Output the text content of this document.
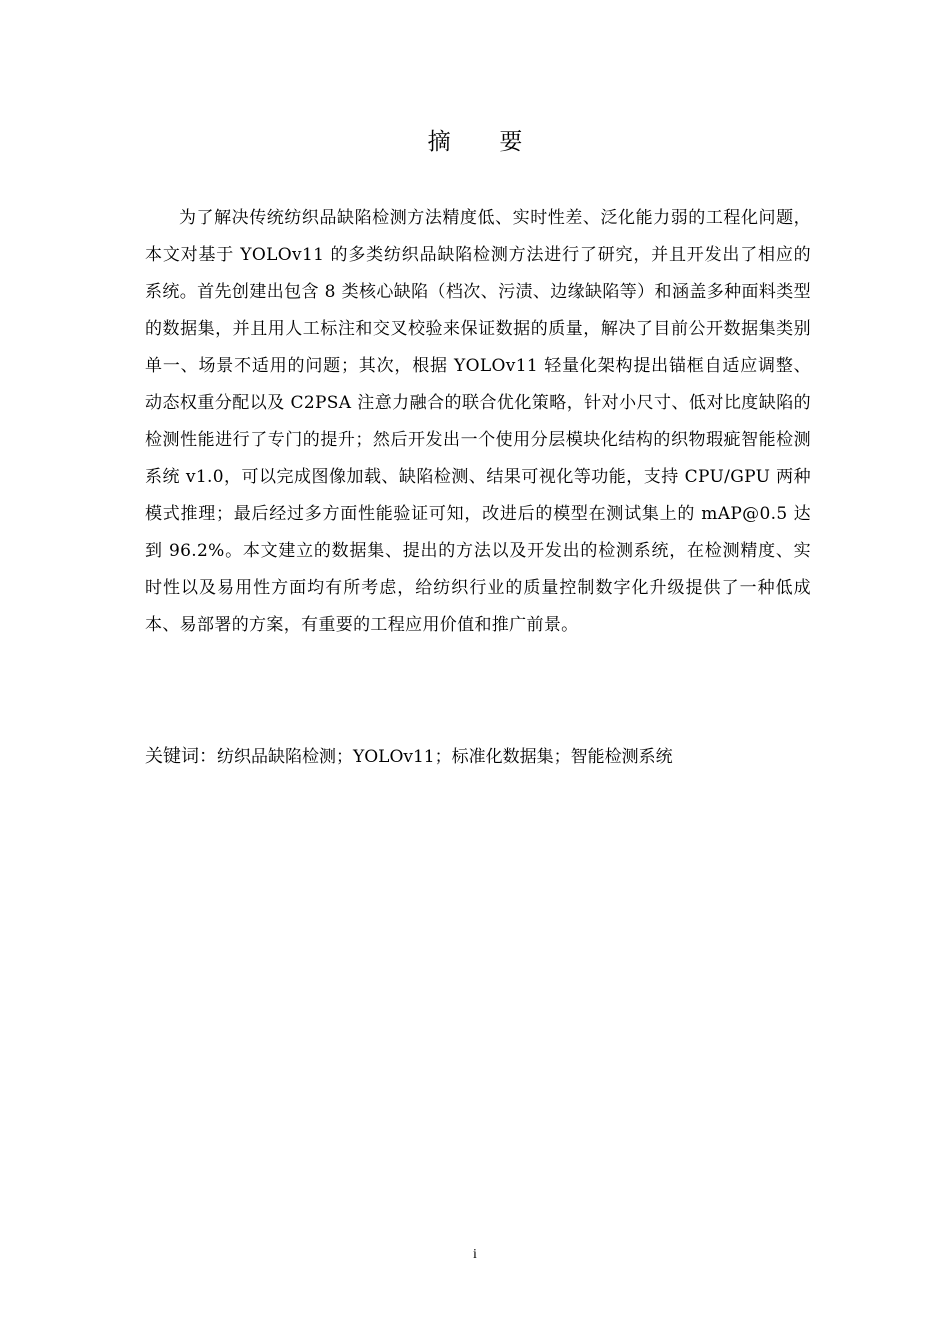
摘 要

为了解决传统纺织品缺陷检测方法精度低、实时性差、泛化能力弱的工程化问题，本文对基于 YOLOv11 的多类纺织品缺陷检测方法进行了研究，并且开发出了相应的系统。首先创建出包含 8 类核心缺陷（档次、污渍、边缘缺陷等）和涵盖多种面料类型的数据集，并且用人工标注和交叉校验来保证数据的质量，解决了目前公开数据集类别单一、场景不适用的问题；其次，根据 YOLOv11 轻量化架构提出锚框自适应调整、动态权重分配以及 C2PSA 注意力融合的联合优化策略，针对小尺寸、低对比度缺陷的检测性能进行了专门的提升；然后开发出一个使用分层模块化结构的织物瑕疵智能检测系统 v1.0，可以完成图像加载、缺陷检测、结果可视化等功能，支持 CPU/GPU 两种模式推理；最后经过多方面性能验证可知，改进后的模型在测试集上的 mAP@0.5 达到 96.2%。本文建立的数据集、提出的方法以及开发出的检测系统，在检测精度、实时性以及易用性方面均有所考虑，给纺织行业的质量控制数字化升级提供了一种低成本、易部署的方案，有重要的工程应用价值和推广前景。

关键词：纺织品缺陷检测；YOLOv11；标准化数据集；智能检测系统
i
